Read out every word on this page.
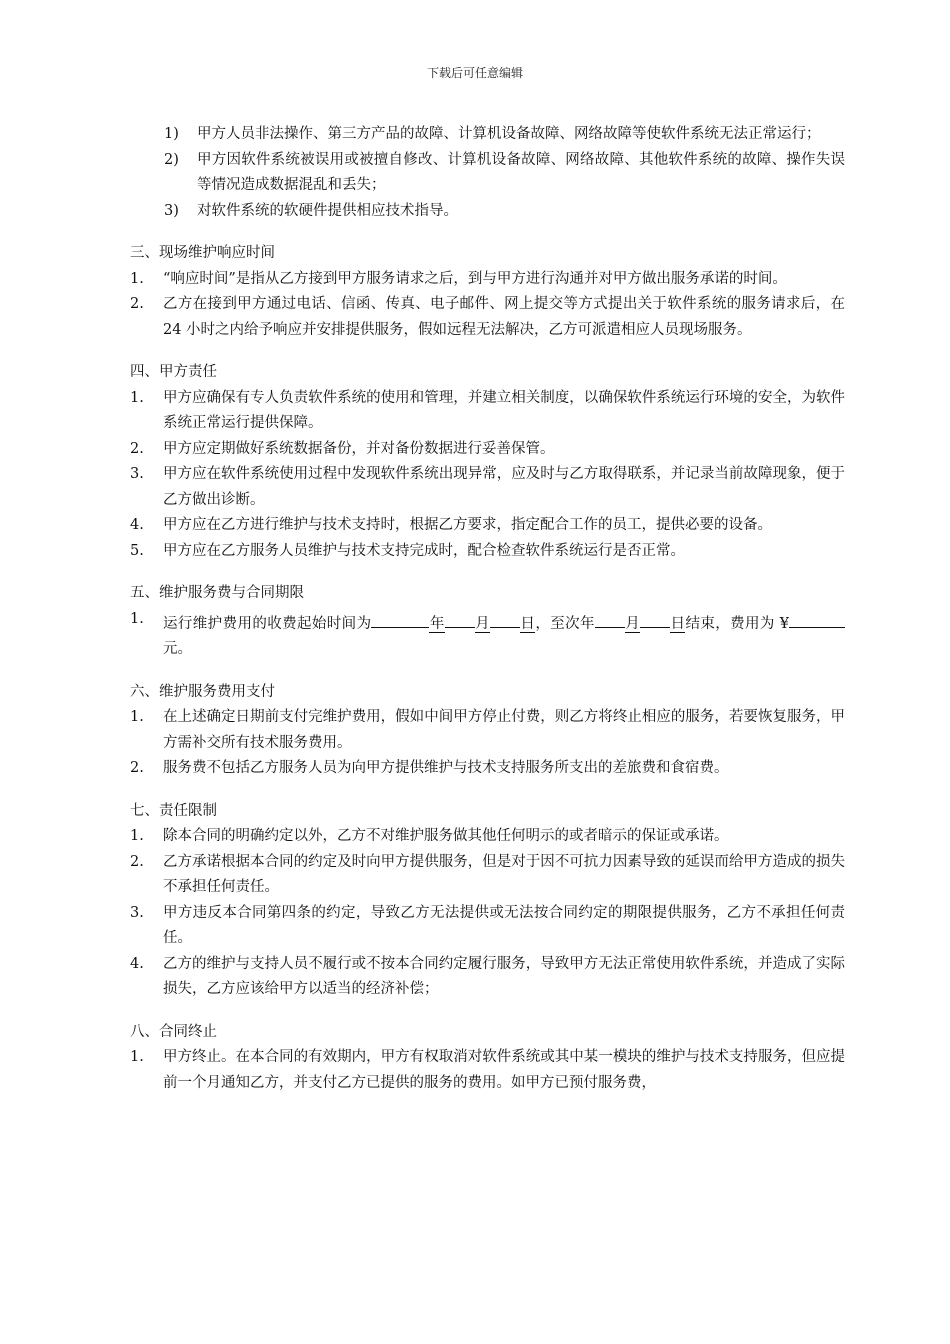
下载后可任意编辑
1)	甲方人员非法操作、第三方产品的故障、计算机设备故障、网络故障等使软件系统无法正常运行；
2)	甲方因软件系统被误用或被擅自修改、计算机设备故障、网络故障、其他软件系统的故障、操作失误等情况造成数据混乱和丢失；
3)	对软件系统的软硬件提供相应技术指导。
三、现场维护响应时间
1.	“响应时间”是指从乙方接到甲方服务请求之后，到与甲方进行沟通并对甲方做出服务承诺的时间。
2.	乙方在接到甲方通过电话、信函、传真、电子邮件、网上提交等方式提出关于软件系统的服务请求后，在 24 小时之内给予响应并安排提供服务，假如远程无法解决，乙方可派遣相应人员现场服务。
四、甲方责任
1.	甲方应确保有专人负责软件系统的使用和管理，并建立相关制度，以确保软件系统运行环境的安全，为软件系统正常运行提供保障。
2.	甲方应定期做好系统数据备份，并对备份数据进行妥善保管。
3.	甲方应在软件系统使用过程中发现软件系统出现异常，应及时与乙方取得联系，并记录当前故障现象，便于乙方做出诊断。
4.	甲方应在乙方进行维护与技术支持时，根据乙方要求，指定配合工作的员工，提供必要的设备。
5.	甲方应在乙方服务人员维护与技术支持完成时，配合检查软件系统运行是否正常。
五、维护服务费与合同期限
1.	运行维护费用的收费起始时间为	年 月 日，至次年 月 日结束，费用为 ¥元。
六、维护服务费用支付
1.	在上述确定日期前支付完维护费用，假如中间甲方停止付费，则乙方将终止相应的服务，若要恢复服务，甲方需补交所有技术服务费用。
2.	服务费不包括乙方服务人员为向甲方提供维护与技术支持服务所支出的差旅费和食宿费。
七、责任限制
1.	除本合同的明确约定以外，乙方不对维护服务做其他任何明示的或者暗示的保证或承诺。
2.	乙方承诺根据本合同的约定及时向甲方提供服务，但是对于因不可抗力因素导致的延误而给甲方造成的损失不承担任何责任。
3.	甲方违反本合同第四条的约定，导致乙方无法提供或无法按合同约定的期限提供服务，乙方不承担任何责任。
4.	乙方的维护与支持人员不履行或不按本合同约定履行服务，导致甲方无法正常使用软件系统，并造成了实际损失，乙方应该给甲方以适当的经济补偿；
八、合同终止
1.	甲方终止。在本合同的有效期内，甲方有权取消对软件系统或其中某一模块的维护与技术支持服务，但应提前一个月通知乙方，并支付乙方已提供的服务的费用。如甲方已预付服务费，
